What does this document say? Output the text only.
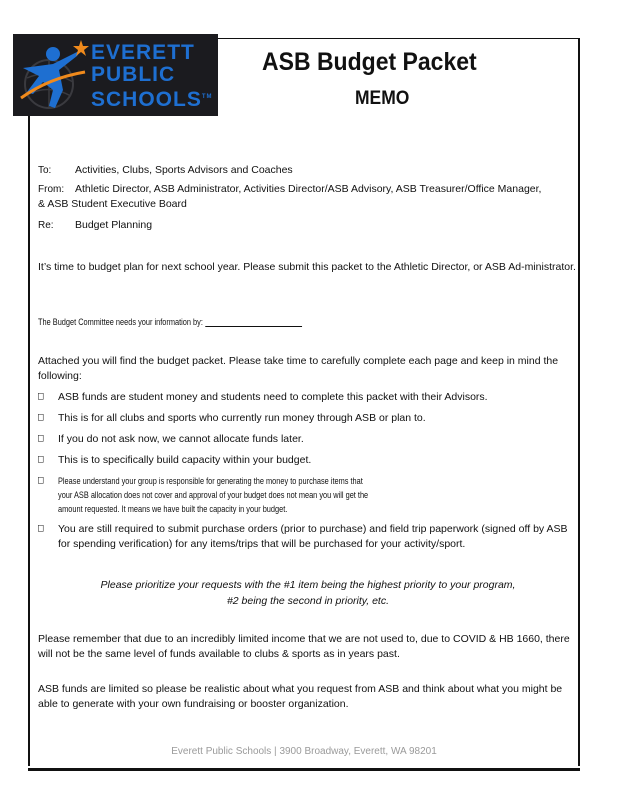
EVERETT
PUBLIC
SCHOOLS™
ASB Budget Packet
MEMO
To: Activities, Clubs, Sports Advisors and Coaches
From: Athletic Director, ASB Administrator, Activities Director/ASB Advisory, ASB Treasurer/Office Manager,
& ASB Student Executive Board
Re: Budget Planning
It’s time to budget plan for next school year. Please submit this packet to the Athletic Director, or ASB Ad-ministrator.
The Budget Committee needs your information by:
Attached you will find the budget packet. Please take time to carefully complete each page and keep in mind the following:
ASB funds are student money and students need to complete this packet with their Advisors.
This is for all clubs and sports who currently run money through ASB or plan to.
If you do not ask now, we cannot allocate funds later.
This is to specifically build capacity within your budget.
Please understand your group is responsible for generating the money to purchase items that
your ASB allocation does not cover and approval of your budget does not mean you will get the
amount requested. It means we have built the capacity in your budget.
You are still required to submit purchase orders (prior to purchase) and field trip paperwork (signed off by ASB for spending verification) for any items/trips that will be purchased for your activity/sport.
Please prioritize your requests with the #1 item being the highest priority to your program,
#2 being the second in priority, etc.
Please remember that due to an incredibly limited income that we are not used to, due to COVID & HB 1660, there will not be the same level of funds available to clubs & sports as in years past.
ASB funds are limited so please be realistic about what you request from ASB and think about what you might be able to generate with your own fundraising or booster organization.
Everett Public Schools | 3900 Broadway, Everett, WA 98201
